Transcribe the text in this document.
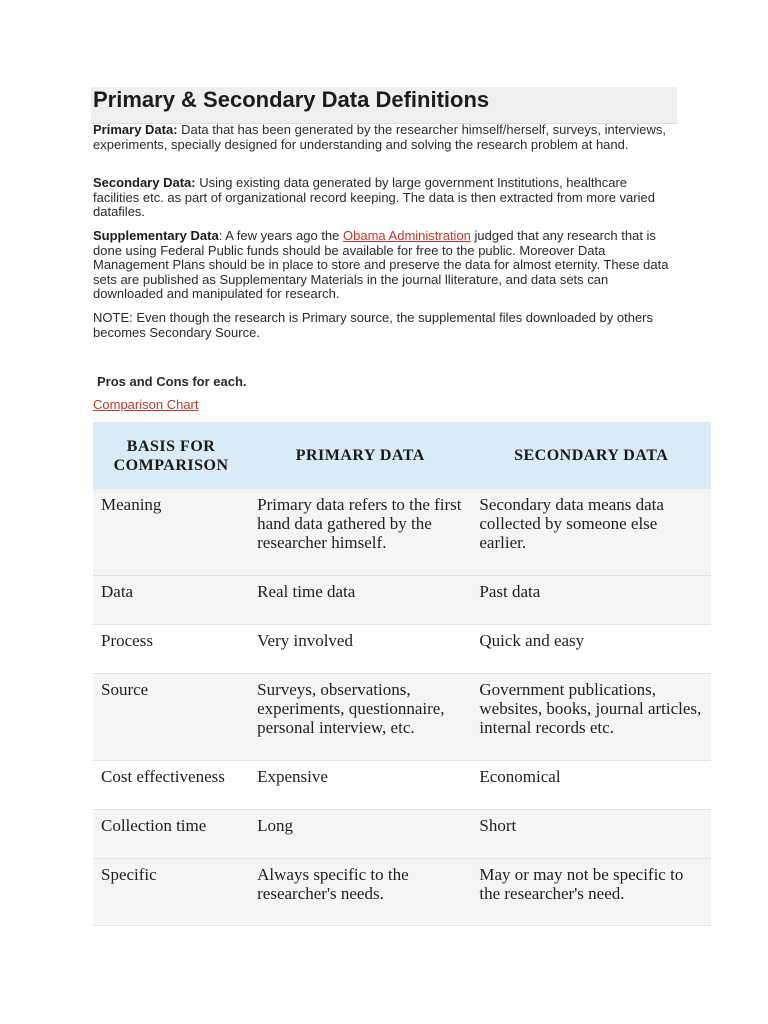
Primary & Secondary Data Definitions

Primary Data: Data that has been generated by the researcher himself/herself, surveys, interviews, experiments, specially designed for understanding and solving the research problem at hand.

Secondary Data: Using existing data generated by large government Institutions, healthcare facilities etc. as part of organizational record keeping. The data is then extracted from more varied datafiles.

Supplementary Data: A few years ago the Obama Administration judged that any research that is done using Federal Public funds should be available for free to the public. Moreover Data Management Plans should be in place to store and preserve the data for almost eternity. These data sets are published as Supplementary Materials in the journal lliterature, and data sets can downloaded and manipulated for research.

NOTE: Even though the research is Primary source, the supplemental files downloaded by others becomes Secondary Source.

Pros and Cons for each.
Comparison Chart
BASIS FOR COMPARISON	PRIMARY DATA	SECONDARY DATA
Meaning	Primary data refers to the first hand data gathered by the researcher himself.	Secondary data means data collected by someone else earlier.
Data	Real time data	Past data
Process	Very involved	Quick and easy
Source	Surveys, observations, experiments, questionnaire, personal interview, etc.	Government publications, websites, books, journal articles, internal records etc.
Cost effectiveness	Expensive	Economical
Collection time	Long	Short
Specific	Always specific to the researcher's needs.	May or may not be specific to the researcher's need.
